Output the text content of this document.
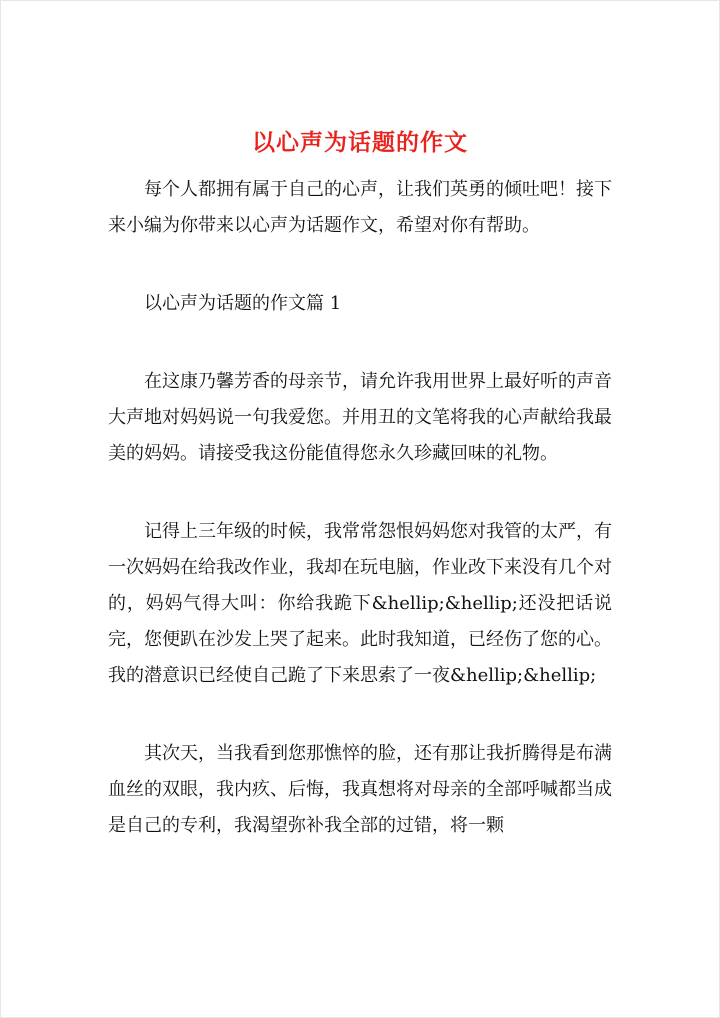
以心声为话题的作文

每个人都拥有属于自己的心声，让我们英勇的倾吐吧！接下来小编为你带来以心声为话题作文，希望对你有帮助。

以心声为话题的作文篇 1

在这康乃馨芳香的母亲节，请允许我用世界上最好听的声音大声地对妈妈说一句我爱您。并用丑的文笔将我的心声献给我最美的妈妈。请接受我这份能值得您永久珍藏回味的礼物。

记得上三年级的时候，我常常怨恨妈妈您对我管的太严，有一次妈妈在给我改作业，我却在玩电脑，作业改下来没有几个对的，妈妈气得大叫：你给我跪下&hellip;&hellip;还没把话说完，您便趴在沙发上哭了起来。此时我知道，已经伤了您的心。我的潜意识已经使自己跪了下来思索了一夜&hellip;&hellip;

其次天，当我看到您那憔悴的脸，还有那让我折腾得是布满血丝的双眼，我内疚、后悔，我真想将对母亲的全部呼喊都当成是自己的专利，我渴望弥补我全部的过错，将一颗
